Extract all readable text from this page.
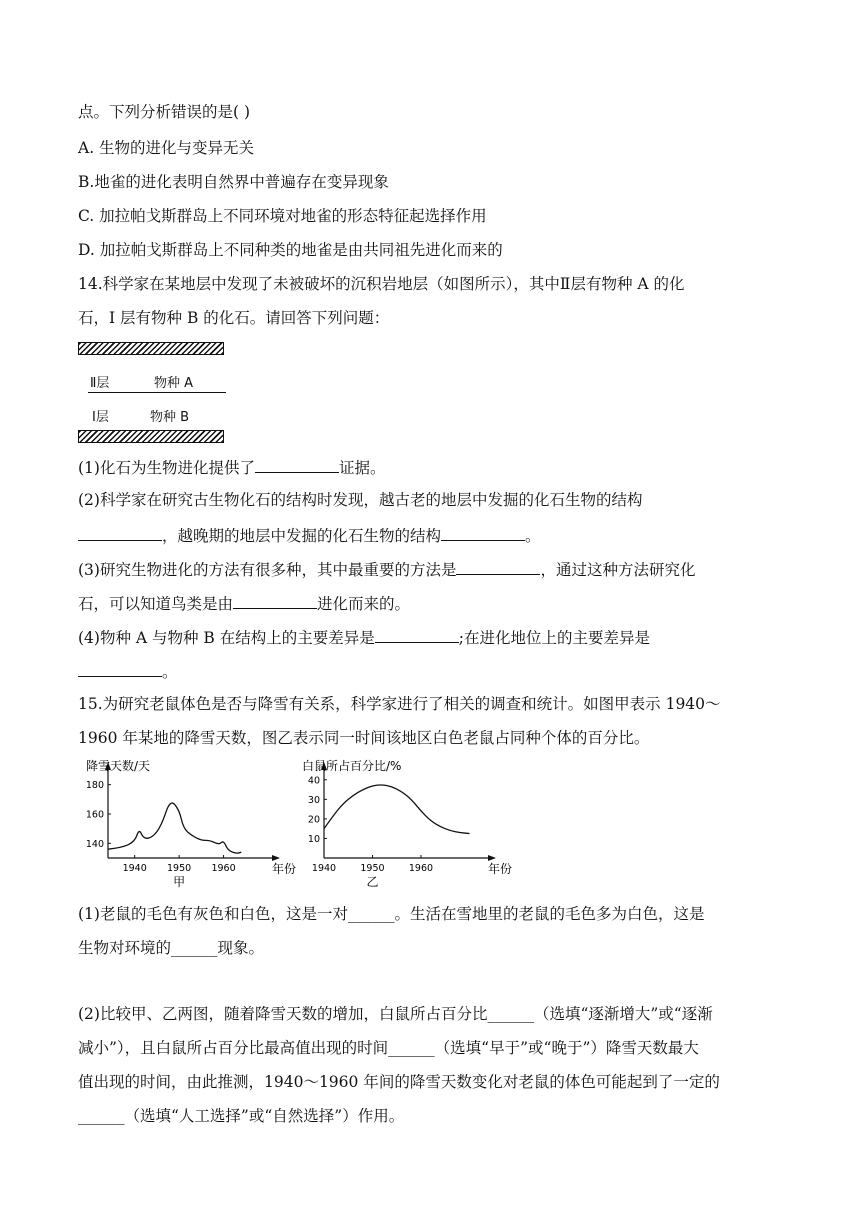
点。下列分析错误的是( )
A. 生物的进化与变异无关
B.地雀的进化表明自然界中普遍存在变异现象
C. 加拉帕戈斯群岛上不同环境对地雀的形态特征起选择作用
D. 加拉帕戈斯群岛上不同种类的地雀是由共同祖先进化而来的
14.科学家在某地层中发现了未被破坏的沉积岩地层（如图所示），其中Ⅱ层有物种 A 的化
石，I 层有物种 B 的化石。请回答下列问题：
Ⅱ层	物种 A
Ⅰ层	物种 B
(1)化石为生物进化提供了	证据。
(2)科学家在研究古生物化石的结构时发现，越古老的地层中发掘的化石生物的结构
，越晚期的地层中发掘的化石生物的结构	。
(3)研究生物进化的方法有很多种，其中最重要的方法是	，通过这种方法研究化
石，可以知道鸟类是由	进化而来的。
(4)物种 A 与物种 B 在结构上的主要差异是	;在进化地位上的主要差异是
。
15.为研究老鼠体色是否与降雪有关系，科学家进行了相关的调查和统计。如图甲表示 1940～
1960 年某地的降雪天数，图乙表示同一时间该地区白色老鼠占同种个体的百分比。
降雪天数/天
年份
140
160
180
1940 1950 1960
甲
白鼠所占百分比/%
年份
10
20
30
40
1940	1950	1960
乙
(1)老鼠的毛色有灰色和白色，这是一对______。生活在雪地里的老鼠的毛色多为白色，这是
生物对环境的______现象。
(2)比较甲、乙两图，随着降雪天数的增加，白鼠所占百分比______（选填“逐渐增大”或“逐渐
减小”），且白鼠所占百分比最高值出现的时间______（选填“早于”或“晚于”）降雪天数最大
值出现的时间，由此推测，1940～1960 年间的降雪天数变化对老鼠的体色可能起到了一定的
______（选填“人工选择”或“自然选择”）作用。
